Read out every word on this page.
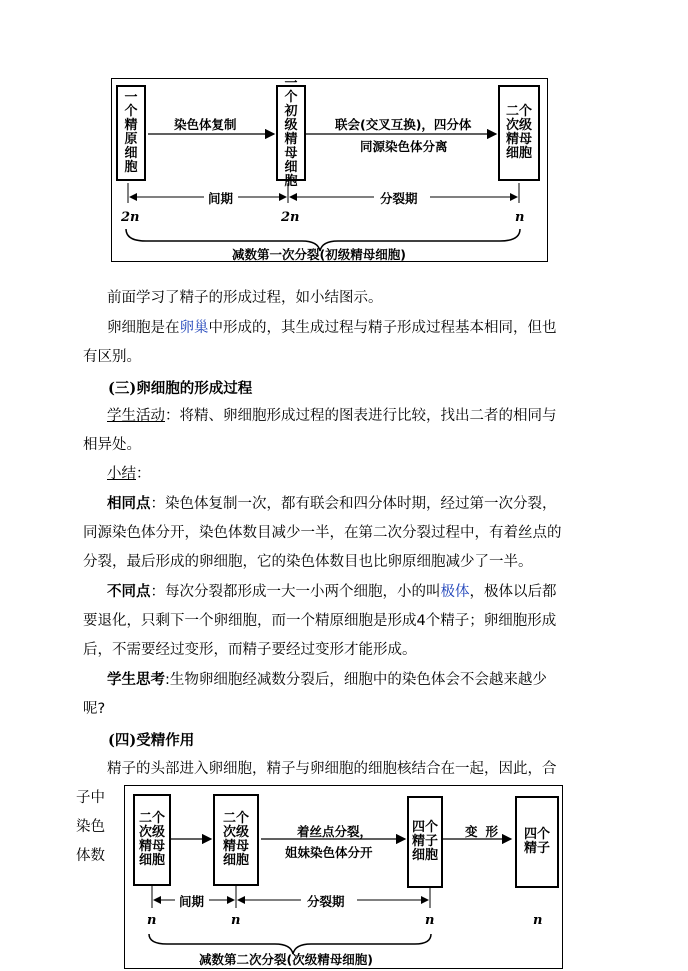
一个精原细胞
一个初级精母细胞
二个次级精母细胞
染色体复制	联会(交叉互换)，四分体
同源染色体分离
间期	分裂期
2n	2n	n
减数第一次分裂(初级精母细胞)
前面学习了精子的形成过程，如小结图示。
卵细胞是在卵巢中形成的，其生成过程与精子形成过程基本相同，但也
有区别。
(三)卵细胞的形成过程
学生活动：将精、卵细胞形成过程的图表进行比较，找出二者的相同与
相异处。
小结：
相同点：染色体复制一次，都有联会和四分体时期，经过第一次分裂，
同源染色体分开，染色体数目减少一半，在第二次分裂过程中，有着丝点的
分裂，最后形成的卵细胞，它的染色体数目也比卵原细胞减少了一半。
不同点：每次分裂都形成一大一小两个细胞，小的叫极体，极体以后都
要退化，只剩下一个卵细胞，而一个精原细胞是形成4个精子；卵细胞形成
后，不需要经过变形，而精子要经过变形才能形成。
学生思考:生物卵细胞经减数分裂后，细胞中的染色体会不会越来越少
呢?
(四)受精作用
精子的头部进入卵细胞，精子与卵细胞的细胞核结合在一起，因此，合
子中
染色
体数
二个次级精母细胞
二个次级精母细胞
四个精子细胞
四个精子
着丝点分裂，
姐妹染色体分开
变形
间期	分裂期
n	n	n	n
减数第二次分裂(次级精母细胞)
